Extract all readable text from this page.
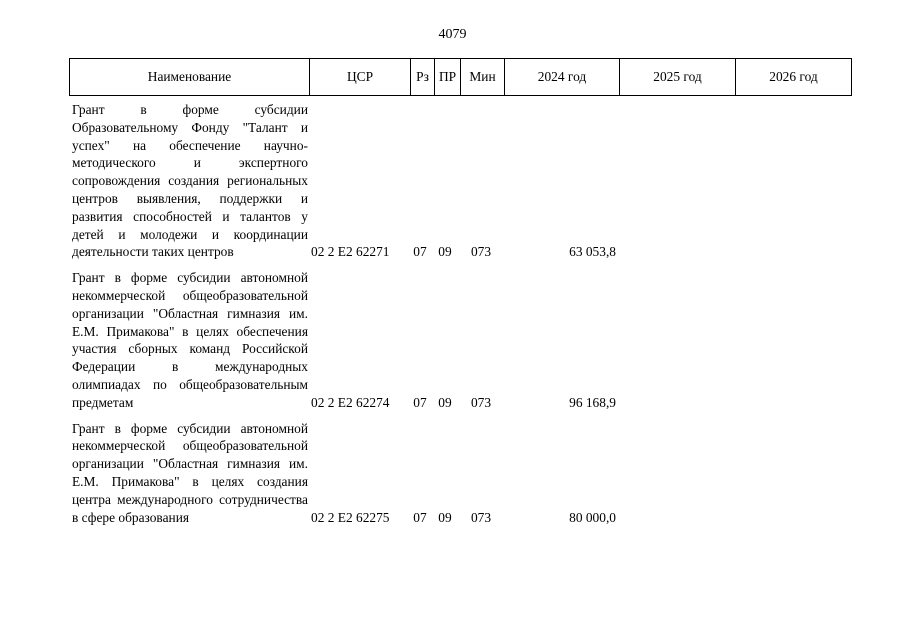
4079
Наименование	ЦСР	Рз	ПР	Мин	2024 год	2025 год	2026 год
Грант в форме субсидии Образовательному Фонду "Талант и успех" на обеспечение научно-методического и экспертного сопровождения создания региональных центров выявления, поддержки и развития способностей и талантов у детей и молодежи и координации деятельности таких центров	02 2 Е2 62271	07 09	073	63 053,8
Грант в форме субсидии автономной некоммерческой общеобразовательной организации "Областная гимназия им. Е.М. Примакова" в целях обеспечения участия сборных команд Российской Федерации в международных олимпиадах по общеобразовательным предметам	02 2 Е2 62274	07 09	073	96 168,9
Грант в форме субсидии автономной некоммерческой общеобразовательной организации "Областная гимназия им. Е.М. Примакова" в целях создания центра международного сотрудничества в сфере образования	02 2 Е2 62275	07 09	073	80 000,0
